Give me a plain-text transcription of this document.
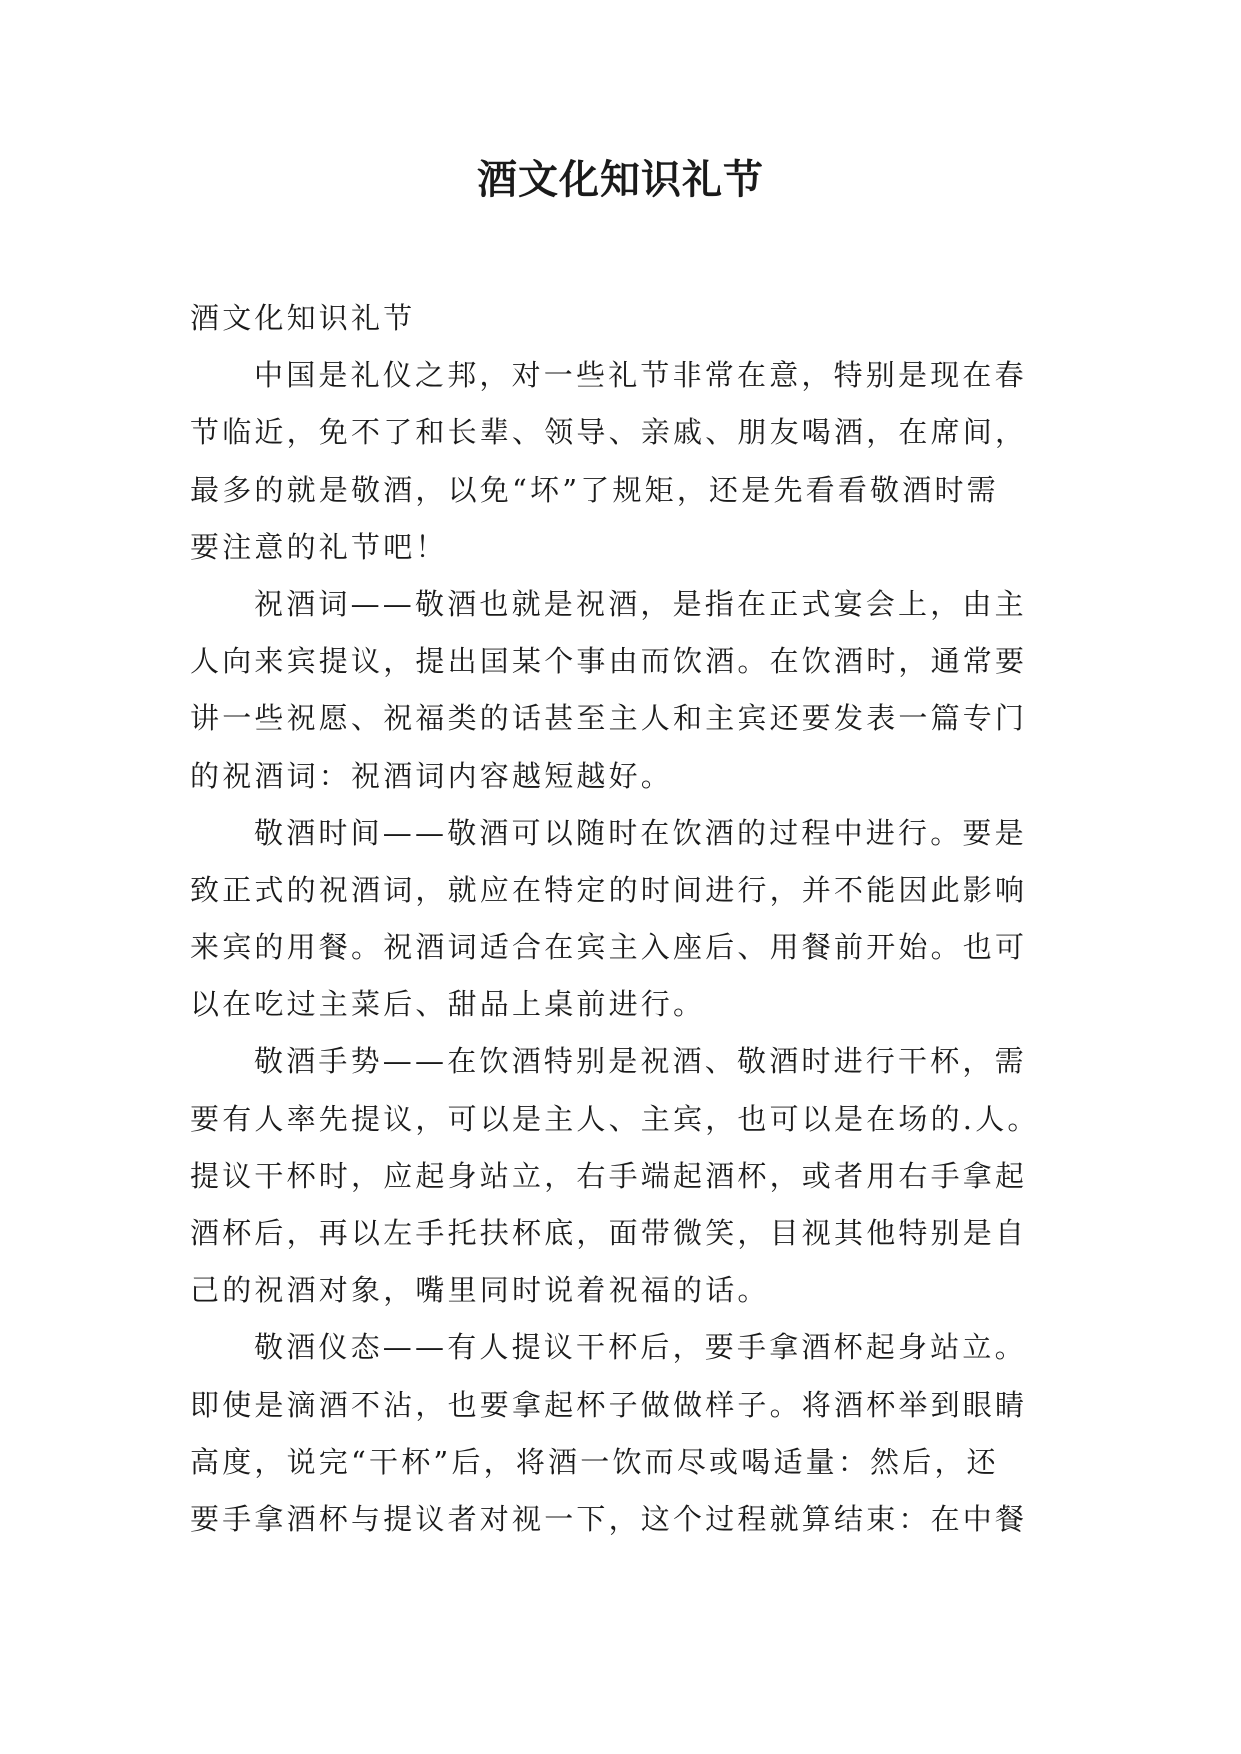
酒文化知识礼节

酒文化知识礼节

中国是礼仪之邦，对一些礼节非常在意，特别是现在春
节临近，免不了和长辈、领导、亲戚、朋友喝酒，在席间，
最多的就是敬酒，以免“坏”了规矩，还是先看看敬酒时需
要注意的礼节吧！

祝酒词——敬酒也就是祝酒，是指在正式宴会上，由主
人向来宾提议，提出囯某个事由而饮酒。在饮酒时，通常要
讲一些祝愿、祝福类的话甚至主人和主宾还要发表一篇专门
的祝酒词：祝酒词内容越短越好。

敬酒时间——敬酒可以随时在饮酒的过程中进行。要是
致正式的祝酒词，就应在特定的时间进行，并不能因此影响
来宾的用餐。祝酒词适合在宾主入座后、用餐前开始。也可
以在吃过主菜后、甜品上桌前进行。

敬酒手势——在饮酒特别是祝酒、敬酒时进行干杯，需
要有人率先提议，可以是主人、主宾，也可以是在场的.人。
提议干杯时，应起身站立，右手端起酒杯，或者用右手拿起
酒杯后，再以左手托扶杯底，面带微笑，目视其他特别是自
己的祝酒对象，嘴里同时说着祝福的话。

敬酒仪态——有人提议干杯后，要手拿酒杯起身站立。
即使是滴酒不沾，也要拿起杯子做做样子。将酒杯举到眼睛
高度，说完“干杯”后，将酒一饮而尽或喝适量：然后，还
要手拿酒杯与提议者对视一下，这个过程就算结束：在中餐
